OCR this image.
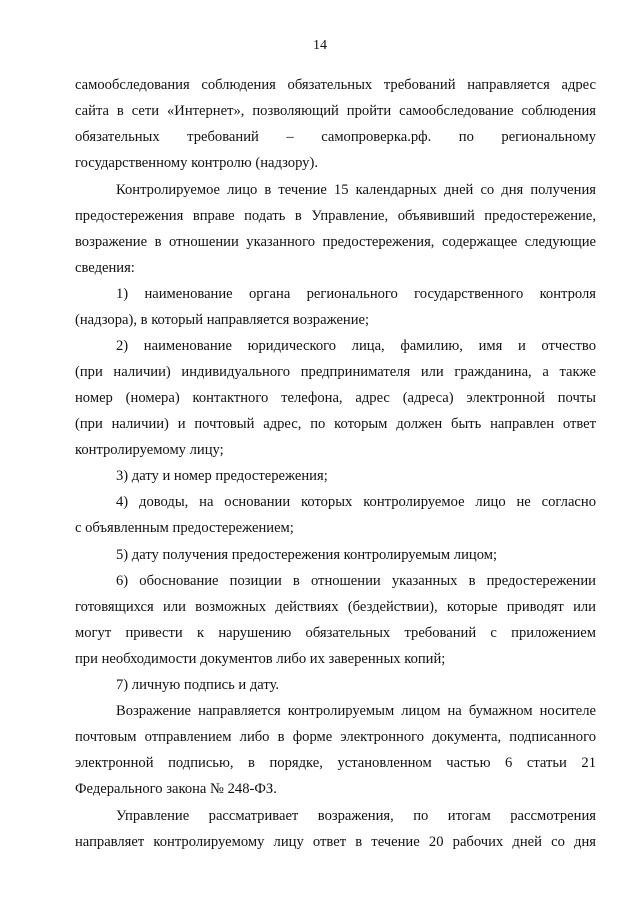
14
самообследования соблюдения обязательных требований направляется адрес
сайта в сети «Интернет», позволяющий пройти самообследование соблюдения
обязательных требований – самопроверка.рф. по региональному
государственному контролю (надзору).
Контролируемое лицо в течение 15 календарных дней со дня получения
предостережения вправе подать в Управление, объявивший предостережение,
возражение в отношении указанного предостережения, содержащее следующие
сведения:
1) наименование органа регионального государственного контроля
(надзора), в который направляется возражение;
2) наименование юридического лица, фамилию, имя и отчество
(при наличии) индивидуального предпринимателя или гражданина, а также
номер (номера) контактного телефона, адрес (адреса) электронной почты
(при наличии) и почтовый адрес, по которым должен быть направлен ответ
контролируемому лицу;
3) дату и номер предостережения;
4) доводы, на основании которых контролируемое лицо не согласно
с объявленным предостережением;
5) дату получения предостережения контролируемым лицом;
6) обоснование позиции в отношении указанных в предостережении
готовящихся или возможных действиях (бездействии), которые приводят или
могут привести к нарушению обязательных требований с приложением
при необходимости документов либо их заверенных копий;
7) личную подпись и дату.
Возражение направляется контролируемым лицом на бумажном носителе
почтовым отправлением либо в форме электронного документа, подписанного
электронной подписью, в порядке, установленном частью 6 статьи 21
Федерального закона № 248-ФЗ.
Управление рассматривает возражения, по итогам рассмотрения
направляет контролируемому лицу ответ в течение 20 рабочих дней со дня
